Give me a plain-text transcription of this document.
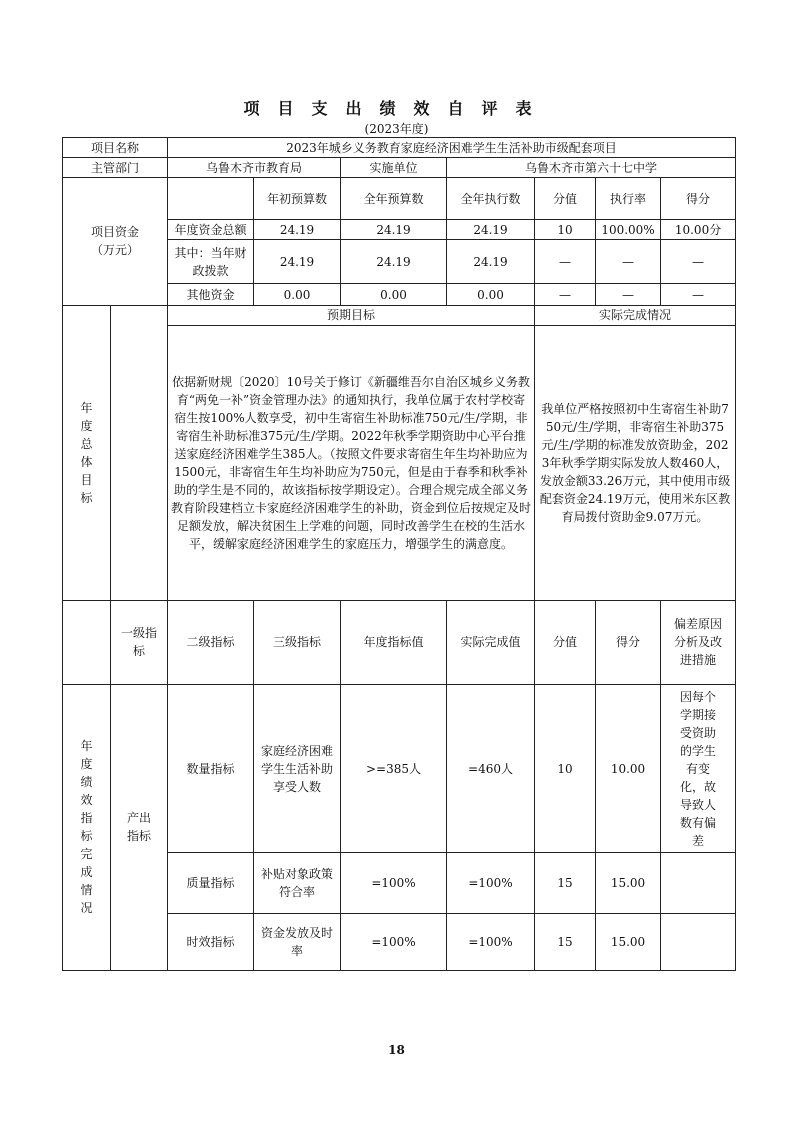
项目支出绩效自评表
(2023年度)
项目名称		2023年城乡义务教育家庭经济困难学生生活补助市级配套项目						
主管部门		乌鲁木齐市教育局		实施单位	乌鲁木齐市第六十七中学			
项目资金（万元）			年初预算数	全年预算数	全年执行数	分值	执行率	得分
		年度资金总额	24.19	24.19	24.19	10	100.00%	10.00分
		其中：当年财政拨款	24.19	24.19	24.19	—	—	—
		其他资金	0.00	0.00	0.00	—	—	—
年度总体目标		预期目标				实际完成情况		
		依据新财规〔2020〕10号关于修订《新疆维吾尔自治区城乡义务教育“两免一补”资金管理办法》的通知执行，我单位属于农村学校寄宿生按100%人数享受，初中生寄宿生补助标准750元/生/学期，非寄宿生补助标准375元/生/学期。2022年秋季学期资助中心平台推送家庭经济困难学生385人。（按照文件要求寄宿生年生均补助应为1500元，非寄宿生年生均补助应为750元，但是由于春季和秋季补助的学生是不同的，故该指标按学期设定）。合理合规完成全部义务教育阶段建档立卡家庭经济困难学生的补助，资金到位后按规定及时足额发放，解决贫困生上学难的问题，同时改善学生在校的生活水平，缓解家庭经济困难学生的家庭压力，增强学生的满意度。				我单位严格按照初中生寄宿生补助750元/生/学期，非寄宿生补助375元/生/学期的标准发放资助金，2023年秋季学期实际发放人数460人，发放金额33.26万元，其中使用市级配套资金24.19万元，使用米东区教育局拨付资助金9.07万元。		
	一级指标	二级指标	三级指标	年度指标值	实际完成值	分值	得分	偏差原因分析及改进措施
年度绩效指标完成情况	产出指标	数量指标	家庭经济困难学生生活补助享受人数	>=385人	=460人	10	10.00	因每个学期接受资助的学生有变化，故导致人数有偏差
		质量指标	补贴对象政策符合率	=100%	=100%	15	15.00	
		时效指标	资金发放及时率	=100%	=100%	15	15.00	
18
